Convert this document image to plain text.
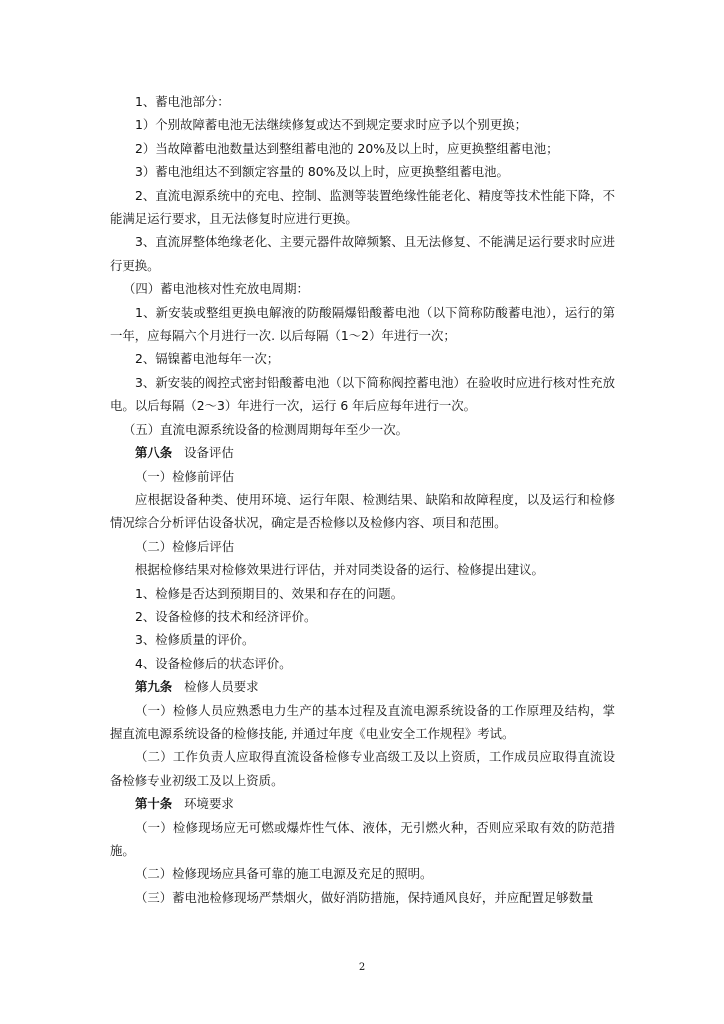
1、蓄电池部分：

1）个别故障蓄电池无法继续修复或达不到规定要求时应予以个别更换；

2）当故障蓄电池数量达到整组蓄电池的 20%及以上时，应更换整组蓄电池；

3）蓄电池组达不到额定容量的 80%及以上时，应更换整组蓄电池。

2、直流电源系统中的充电、控制、监测等装置绝缘性能老化、精度等技术性能下降，不能满足运行要求，且无法修复时应进行更换。

3、直流屏整体绝缘老化、主要元器件故障频繁、且无法修复、不能满足运行要求时应进行更换。

（四）蓄电池核对性充放电周期：

1、新安装或整组更换电解液的防酸隔爆铅酸蓄电池（以下简称防酸蓄电池），运行的第一年，应每隔六个月进行一次. 以后每隔（1～2）年进行一次；

2、镉镍蓄电池每年一次；

3、新安装的阀控式密封铅酸蓄电池（以下简称阀控蓄电池）在验收时应进行核对性充放电。以后每隔（2～3）年进行一次，运行 6 年后应每年进行一次。

（五）直流电源系统设备的检测周期每年至少一次。

第八条 设备评估

（一）检修前评估

应根据设备种类、使用环境、运行年限、检测结果、缺陷和故障程度，以及运行和检修情况综合分析评估设备状况，确定是否检修以及检修内容、项目和范围。

（二）检修后评估

根据检修结果对检修效果进行评估，并对同类设备的运行、检修提出建议。

1、检修是否达到预期目的、效果和存在的问题。

2、设备检修的技术和经济评价。

3、检修质量的评价。

4、设备检修后的状态评价。

第九条 检修人员要求

（一）检修人员应熟悉电力生产的基本过程及直流电源系统设备的工作原理及结构，掌握直流电源系统设备的检修技能, 并通过年度《电业安全工作规程》考试。

（二）工作负责人应取得直流设备检修专业高级工及以上资质，工作成员应取得直流设备检修专业初级工及以上资质。

第十条 环境要求

（一）检修现场应无可燃或爆炸性气体、液体，无引燃火种，否则应采取有效的防范措施。

（二）检修现场应具备可靠的施工电源及充足的照明。

（三）蓄电池检修现场严禁烟火，做好消防措施，保持通风良好，并应配置足够数量

2
